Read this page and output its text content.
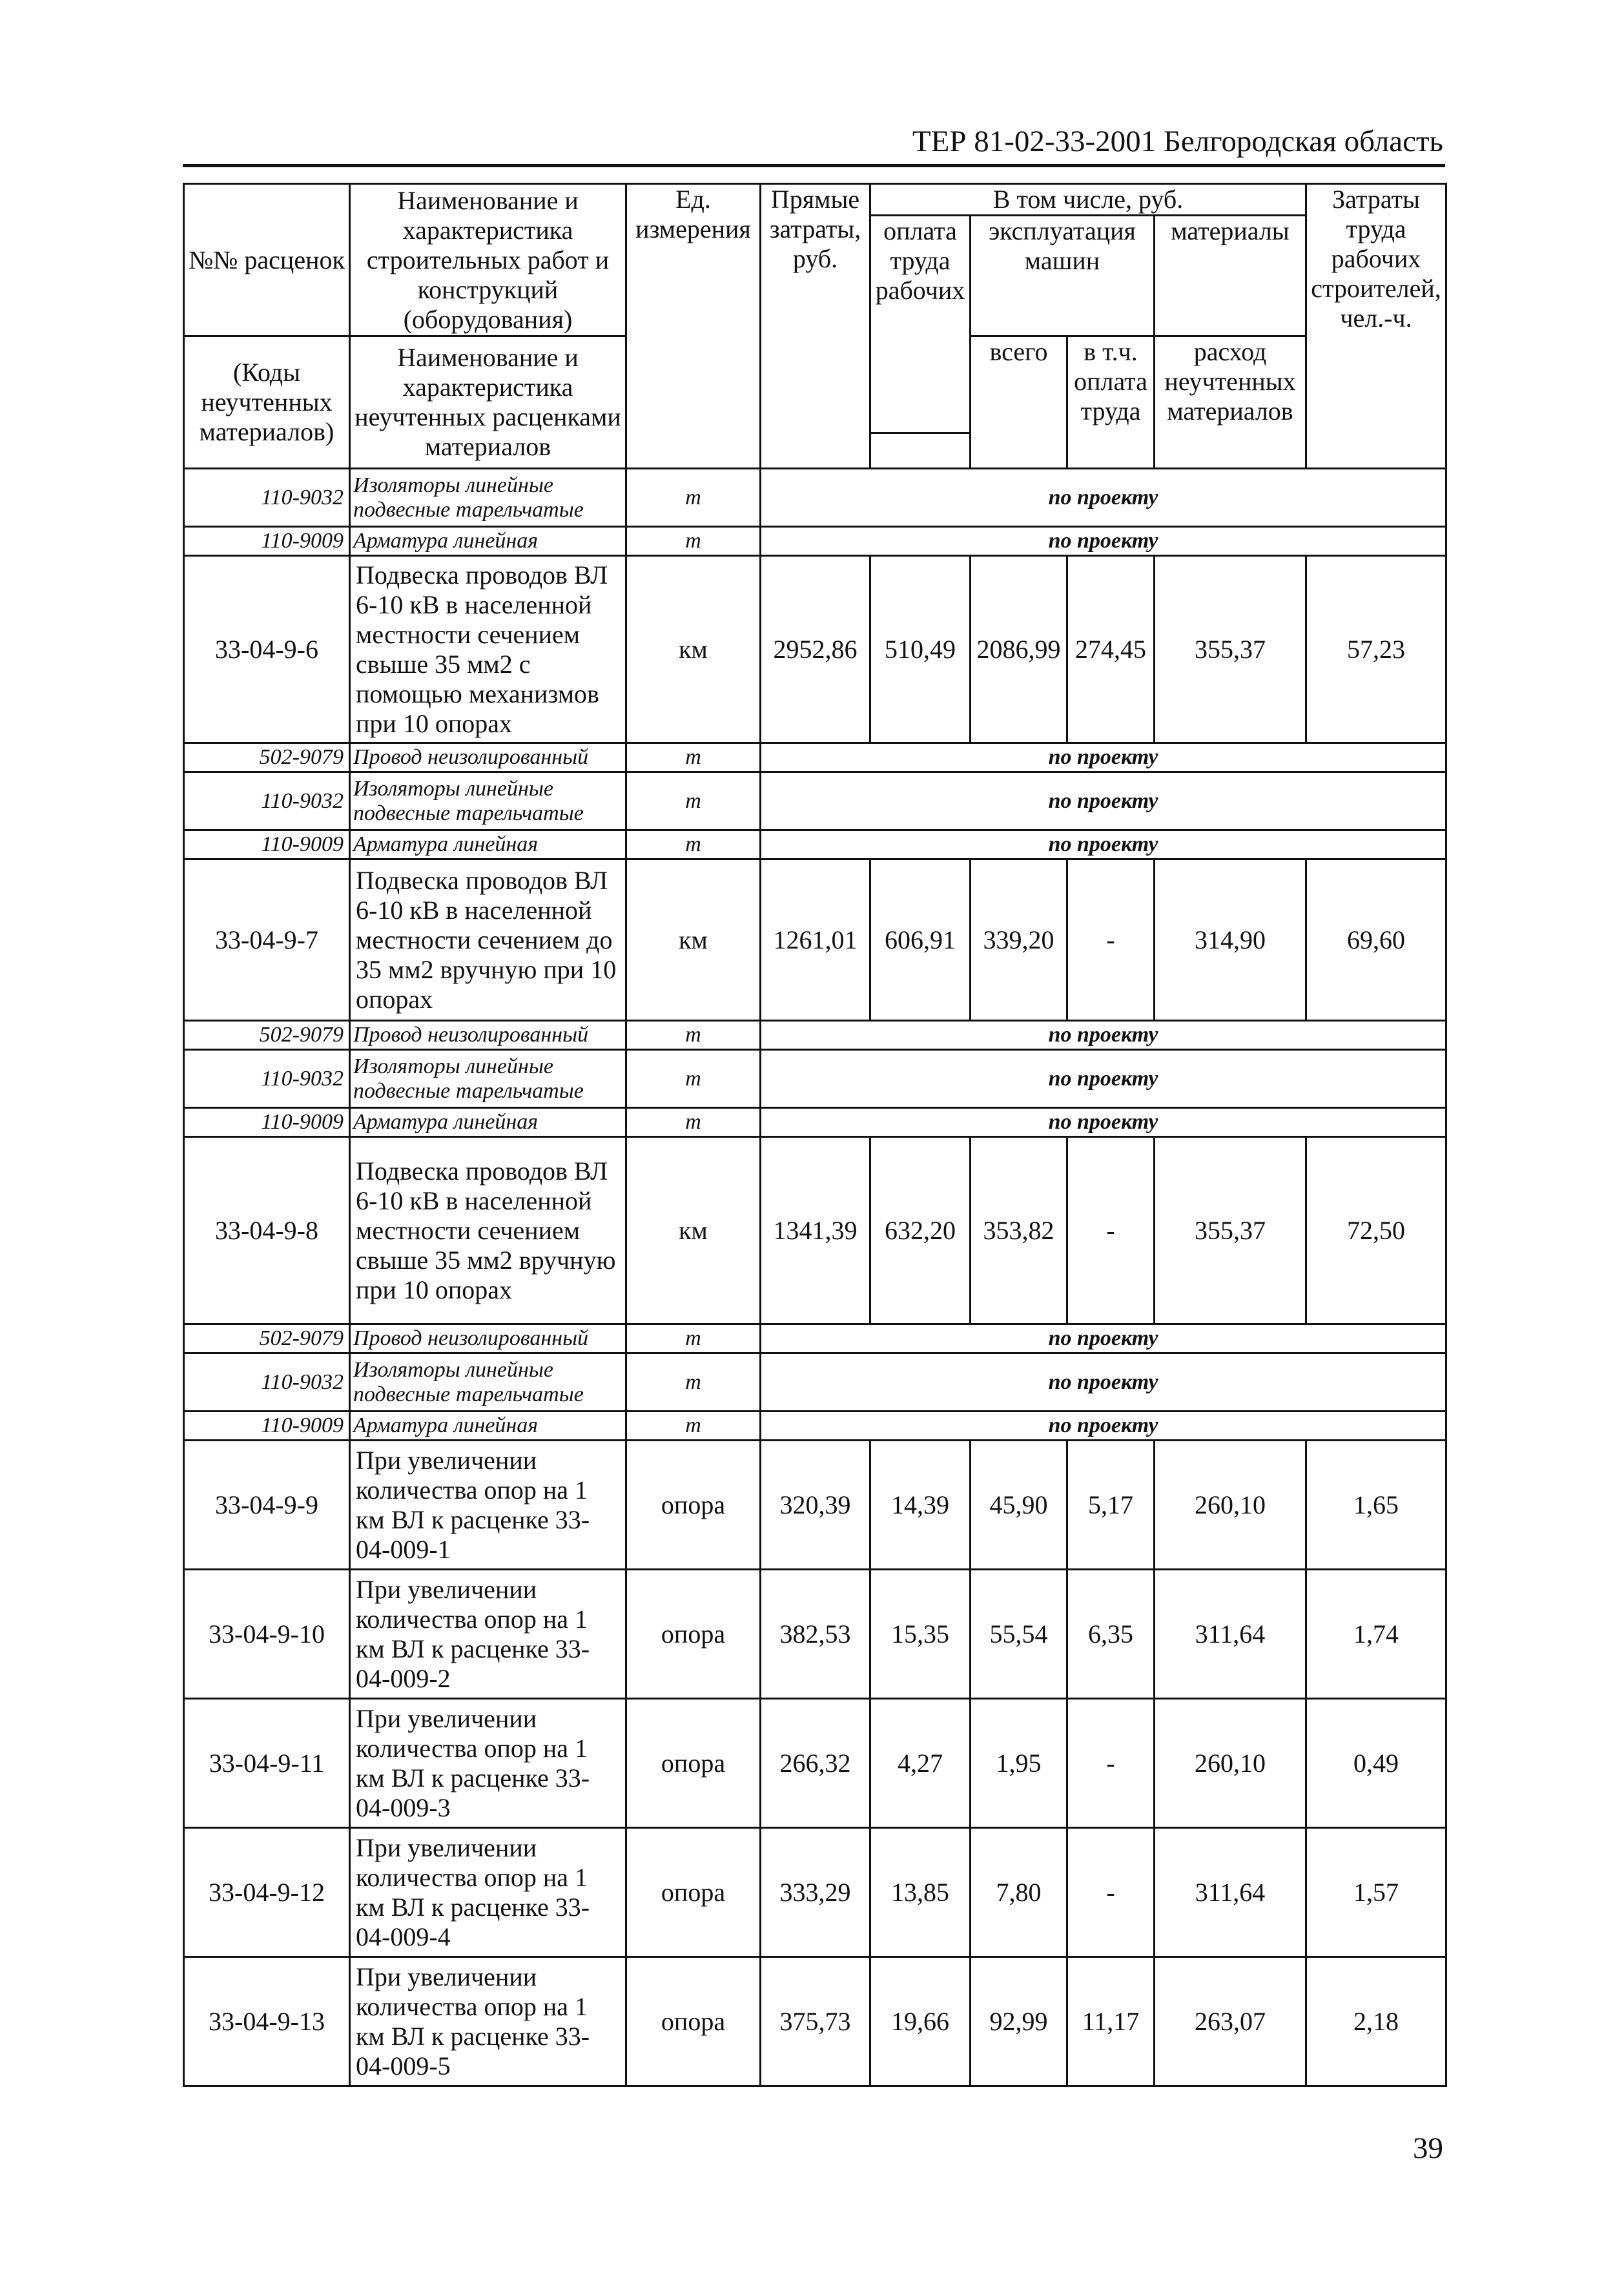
ТЕР 81-02-33-2001 Белгородская область
№№ расценок	Наименование и характеристика строительных работ и конструкций (оборудования)	Ед. измерения	Прямые затраты, руб.	В том числе, руб.				Затраты труда рабочих строителей, чел.-ч.
				оплата труда рабочих	эксплуатация машин		материалы	

(Коды неучтенных материалов)	Наименование и характеристика неучтенных расценками материалов				всего	в т.ч. оплата труда	расход неучтенных материалов	

110-9032	Изоляторы линейные подвесные тарельчатые	т	по проекту					
110-9009	Арматура линейная	т	по проекту					
33-04-9-6	Подвеска проводов ВЛ 6-10 кВ в населенной местности сечением свыше 35 мм2 с помощью механизмов при 10 опорах	км	2952,86	510,49	2086,99	274,45	355,37	57,23
502-9079	Провод неизолированный	т	по проекту					
110-9032	Изоляторы линейные подвесные тарельчатые	т	по проекту					
110-9009	Арматура линейная	т	по проекту					
33-04-9-7	Подвеска проводов ВЛ 6-10 кВ в населенной местности сечением до 35 мм2 вручную при 10 опорах	км	1261,01	606,91	339,20	-	314,90	69,60
502-9079	Провод неизолированный	т	по проекту					
110-9032	Изоляторы линейные подвесные тарельчатые	т	по проекту					
110-9009	Арматура линейная	т	по проекту					
33-04-9-8	Подвеска проводов ВЛ 6-10 кВ в населенной местности сечением свыше 35 мм2 вручную при 10 опорах	км	1341,39	632,20	353,82	-	355,37	72,50
502-9079	Провод неизолированный	т	по проекту					
110-9032	Изоляторы линейные подвесные тарельчатые	т	по проекту					
110-9009	Арматура линейная	т	по проекту					
33-04-9-9	При увеличении количества опор на 1 км ВЛ к расценке 33-04-009-1	опора	320,39	14,39	45,90	5,17	260,10	1,65
33-04-9-10	При увеличении количества опор на 1 км ВЛ к расценке 33-04-009-2	опора	382,53	15,35	55,54	6,35	311,64	1,74
33-04-9-11	При увеличении количества опор на 1 км ВЛ к расценке 33-04-009-3	опора	266,32	4,27	1,95	-	260,10	0,49
33-04-9-12	При увеличении количества опор на 1 км ВЛ к расценке 33-04-009-4	опора	333,29	13,85	7,80	-	311,64	1,57
33-04-9-13	При увеличении количества опор на 1 км ВЛ к расценке 33-04-009-5	опора	375,73	19,66	92,99	11,17	263,07	2,18
39
